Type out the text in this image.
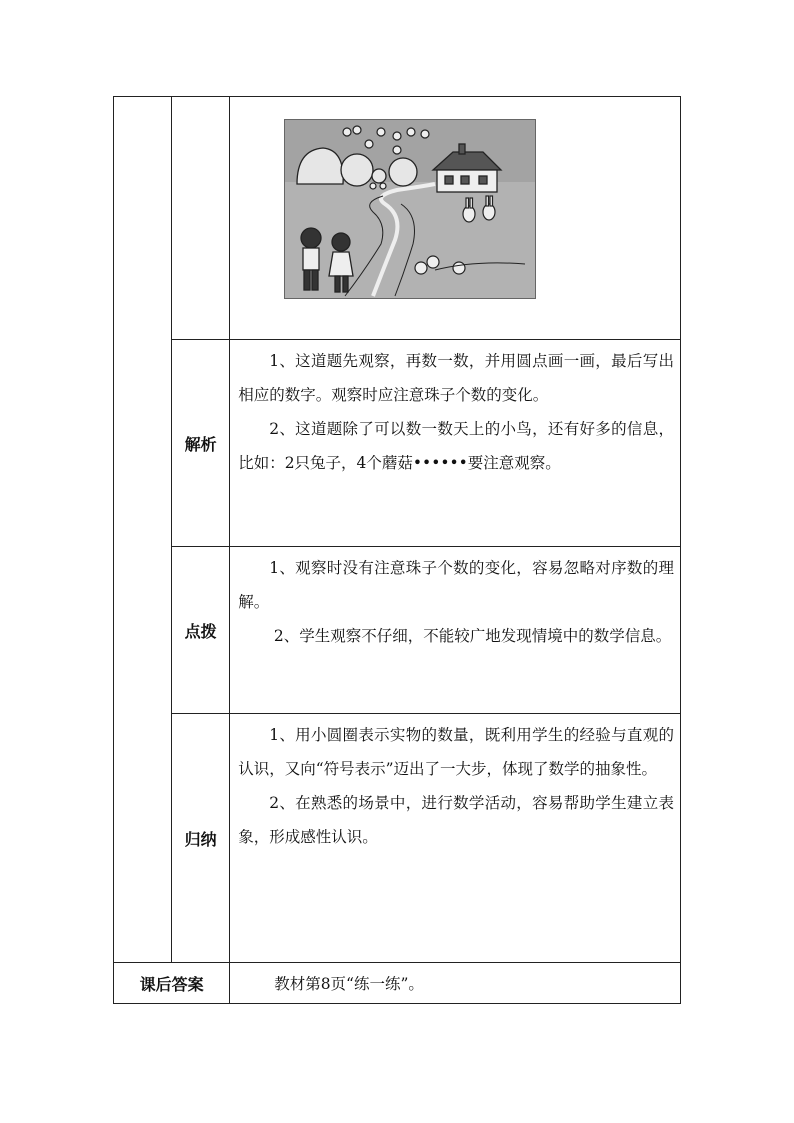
	解析	1、这道题先观察，再数一数，并用圆点画一画，最后写出相应的数字。观察时应注意珠子个数的变化。

2、这道题除了可以数一数天上的小鸟，还有好多的信息，比如：2只兔子，4个蘑菇••••••要注意观察。

	点拨	1、观察时没有注意珠子个数的变化，容易忽略对序数的理解。

2、学生观察不仔细，不能较广地发现情境中的数学信息。

	归纳	1、用小圆圈表示实物的数量，既利用学生的经验与直观的认识，又向“符号表示”迈出了一大步，体现了数学的抽象性。

2、在熟悉的场景中，进行数学活动，容易帮助学生建立表象，形成感性认识。

课后答案		教材第8页“练一练”。
